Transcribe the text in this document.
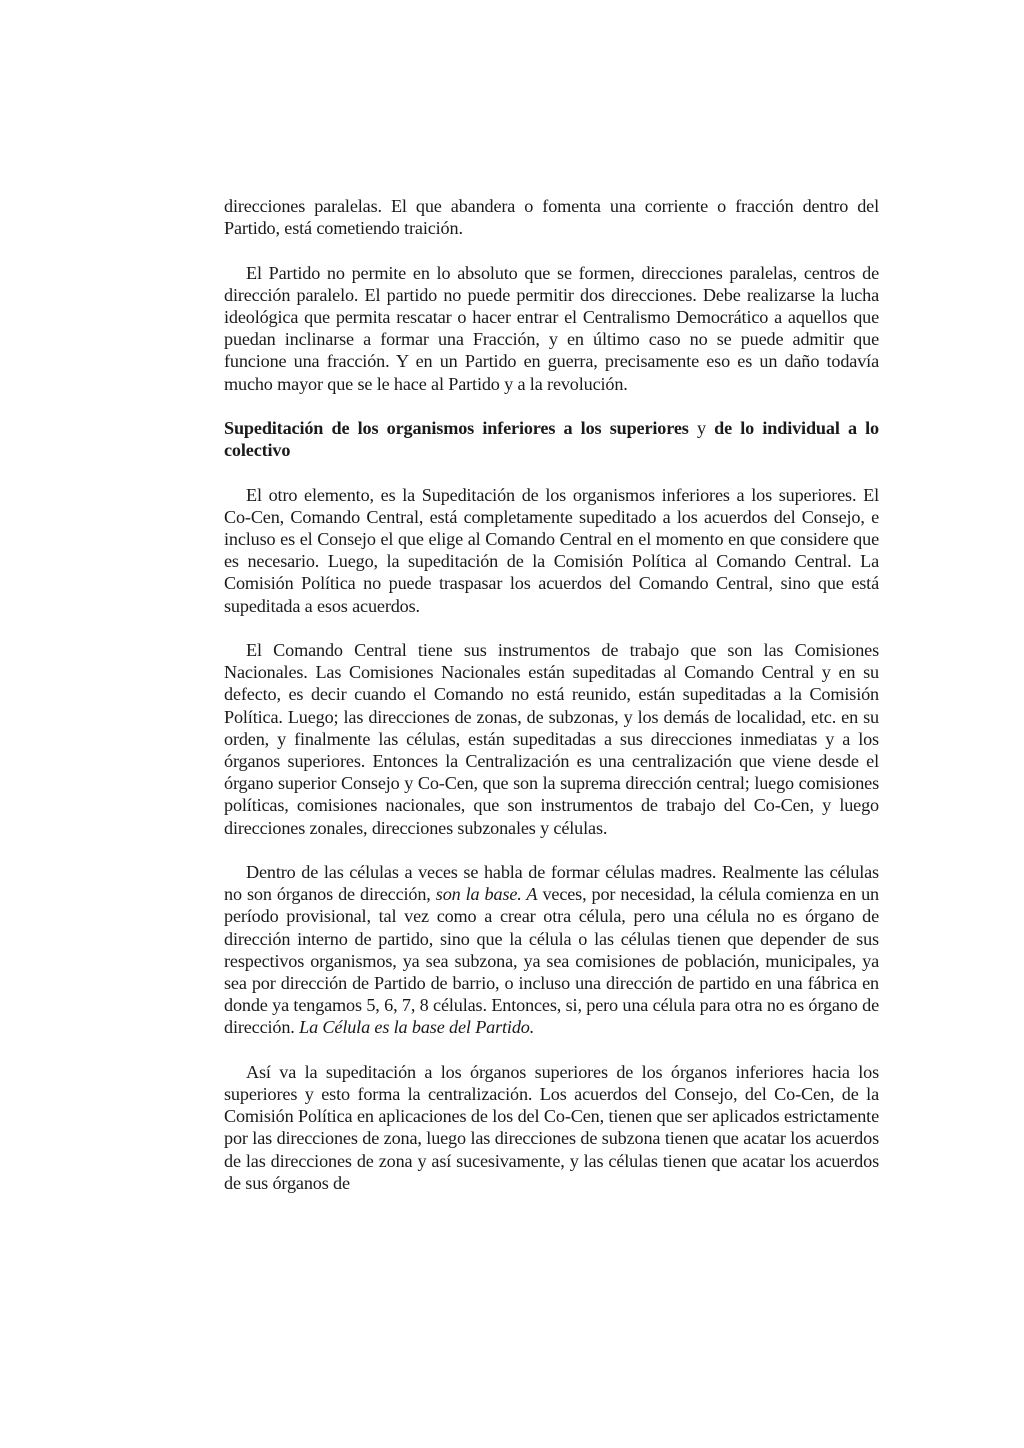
direcciones paralelas. El que abandera o fomenta una corriente o fracción dentro del Partido, está cometiendo traición.

El Partido no permite en lo absoluto que se formen, direcciones paralelas, centros de dirección paralelo. El partido no puede permitir dos direcciones. Debe realizarse la lucha ideológica que permita rescatar o hacer entrar el Centralismo Democrático a aquellos que puedan inclinarse a formar una Fracción, y en último caso no se puede admitir que funcione una fracción. Y en un Partido en guerra, precisamente eso es un daño todavía mucho mayor que se le hace al Partido y a la revolución.

Supeditación de los organismos inferiores a los superiores y de lo individual a lo colectivo

El otro elemento, es la Supeditación de los organismos inferiores a los superiores. El Co-Cen, Comando Central, está completamente supeditado a los acuerdos del Consejo, e incluso es el Consejo el que elige al Comando Central en el momento en que considere que es necesario. Luego, la supeditación de la Comisión Política al Comando Central. La Comisión Política no puede traspasar los acuerdos del Comando Central, sino que está supeditada a esos acuerdos.

El Comando Central tiene sus instrumentos de trabajo que son las Comisiones Nacionales. Las Comisiones Nacionales están supeditadas al Comando Central y en su defecto, es decir cuando el Comando no está reunido, están supeditadas a la Comisión Política. Luego; las direcciones de zonas, de subzonas, y los demás de localidad, etc. en su orden, y finalmente las células, están supeditadas a sus direcciones inmediatas y a los órganos superiores. Entonces la Centralización es una centralización que viene desde el órgano superior Consejo y Co-Cen, que son la suprema dirección central; luego comisiones políticas, comisiones nacionales, que son instrumentos de trabajo del Co-Cen, y luego direcciones zonales, direcciones subzonales y células.

Dentro de las células a veces se habla de formar células madres. Realmente las células no son órganos de dirección, son la base. A veces, por necesidad, la célula comienza en un período provisional, tal vez como a crear otra célula, pero una célula no es órgano de dirección interno de partido, sino que la célula o las células tienen que depender de sus respectivos organismos, ya sea subzona, ya sea comisiones de población, municipales, ya sea por dirección de Partido de barrio, o incluso una dirección de partido en una fábrica en donde ya tengamos 5, 6, 7, 8 células. Entonces, si, pero una célula para otra no es órgano de dirección. La Célula es la base del Partido.

Así va la supeditación a los órganos superiores de los órganos inferiores hacia los superiores y esto forma la centralización. Los acuerdos del Consejo, del Co-Cen, de la Comisión Política en aplicaciones de los del Co-Cen, tienen que ser aplicados estrictamente por las direcciones de zona, luego las direcciones de subzona tienen que acatar los acuerdos de las direcciones de zona y así sucesivamente, y las células tienen que acatar los acuerdos de sus órganos de
